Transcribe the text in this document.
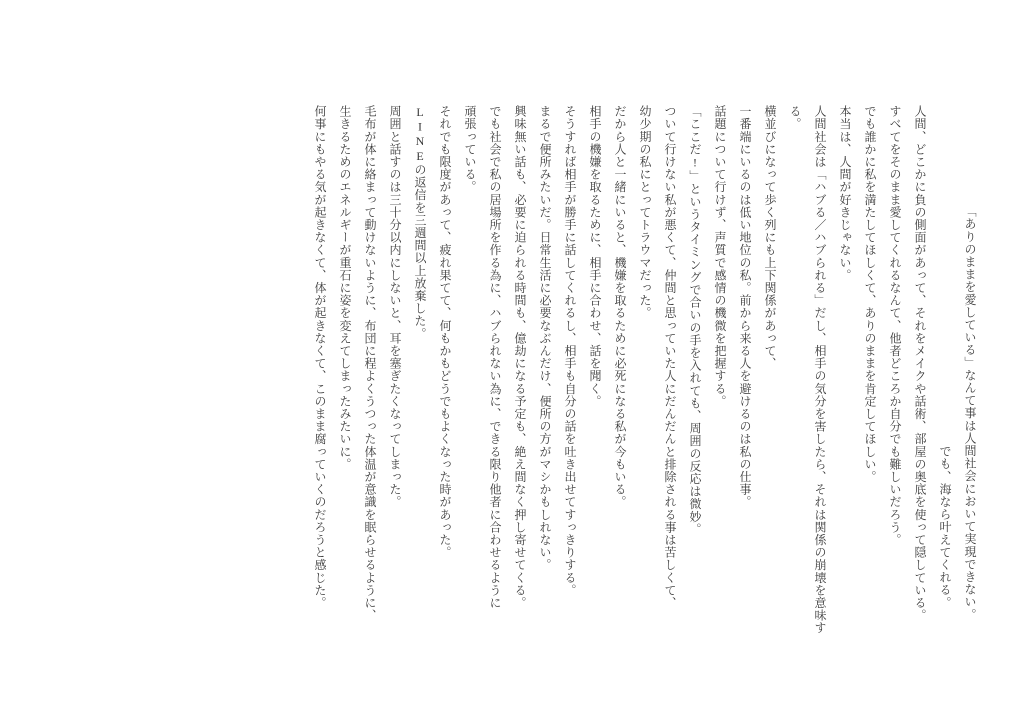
「ありのままを愛している」なんて事は人間社会において実現できない。

でも、海なら叶えてくれる。

人間、どこかに負の側面があって、それをメイクや話術、部屋の奥底を使って隠している。

すべてをそのまま愛してくれるなんて、他者どころか自分でも難しいだろう。

でも誰かに私を満たしてほしくて、ありのままを肯定してほしい。

本当は、人間が好きじゃない。

人間社会は「ハブる／ハブられる」だし、相手の気分を害したら、それは関係の崩壊を意味する。

横並びになって歩く列にも上下関係があって、

一番端にいるのは低い地位の私。前から来る人を避けるのは私の仕事。

話題について行けず、声質で感情の機微を把握する。

「ここだ!」というタイミングで合いの手を入れても、周囲の反応は微妙。

ついて行けない私が悪くて、仲間と思っていた人にだんだんと排除される事は苦しくて、

幼少期の私にとってトラウマだった。

だから人と一緒にいると、機嫌を取るために必死になる私が今もいる。

相手の機嫌を取るために、相手に合わせ、話を聞く。

そうすれば相手が勝手に話してくれるし、相手も自分の話を吐き出せてすっきりする。

まるで便所みたいだ。日常生活に必要なぶんだけ、便所の方がマシかもしれない。

興味無い話も、必要に迫られる時間も、億劫になる予定も、絶え間なく押し寄せてくる。

でも社会で私の居場所を作る為に、ハブられない為に、できる限り他者に合わせるように

頑張っている。

それでも限度があって、疲れ果てて、何もかもどうでもよくなった時があった。

LINEの返信を三週間以上放棄した。

周囲と話すのは三十分以内にしないと、耳を塞ぎたくなってしまった。

毛布が体に絡まって動けないように、布団に程よくうつった体温が意識を眠らせるように、

生きるためのエネルギーが重石に姿を変えてしまったみたいに。

何事にもやる気が起きなくて、体が起きなくて、このまま腐っていくのだろうと感じた。
